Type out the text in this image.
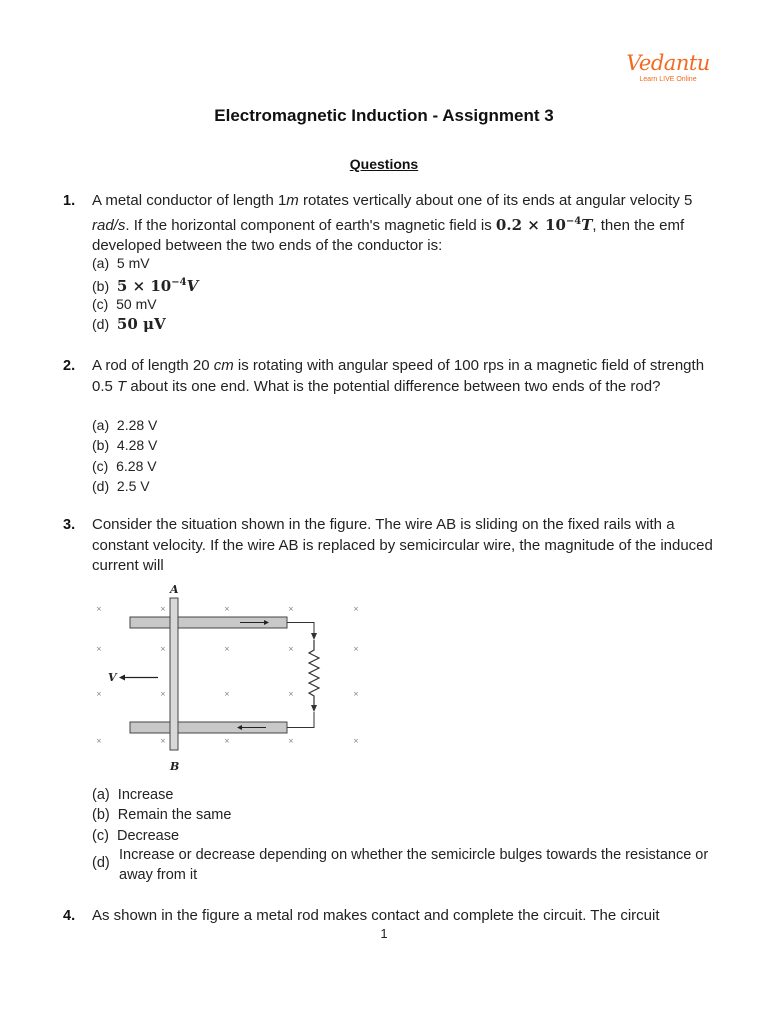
Vedantu
Learn LIVE Online
Electromagnetic Induction - Assignment 3
Questions
1. A metal conductor of length 1m rotates vertically about one of its ends at angular velocity 5 rad/s. If the horizontal component of earth's magnetic field is $0.2 \times 10^{-4}T$, then the emf developed between the two ends of the conductor is:
(a) 5 mV
(b) $5 \times 10^{-4}V$
(c) 50 mV
(d) 50 μV
2. A rod of length 20 cm is rotating with angular speed of 100 rps in a magnetic field of strength 0.5 T about its one end. What is the potential difference between two ends of the rod?
(a) 2.28 V
(b) 4.28 V
(c) 6.28 V
(d) 2.5 V
3. Consider the situation shown in the figure. The wire AB is sliding on the fixed rails with a constant velocity. If the wire AB is replaced by semicircular wire, the magnitude of the induced current will
×	×	×	×	×
×	×	×	×	×
×	×	×	×	×
×	×	×	×	×
A
B
V
(a) Increase
(b) Remain the same
(c) Decrease
(d) Increase or decrease depending on whether the semicircle bulges towards the resistance or away from it
4. As shown in the figure a metal rod makes contact and complete the circuit. The circuit
1
